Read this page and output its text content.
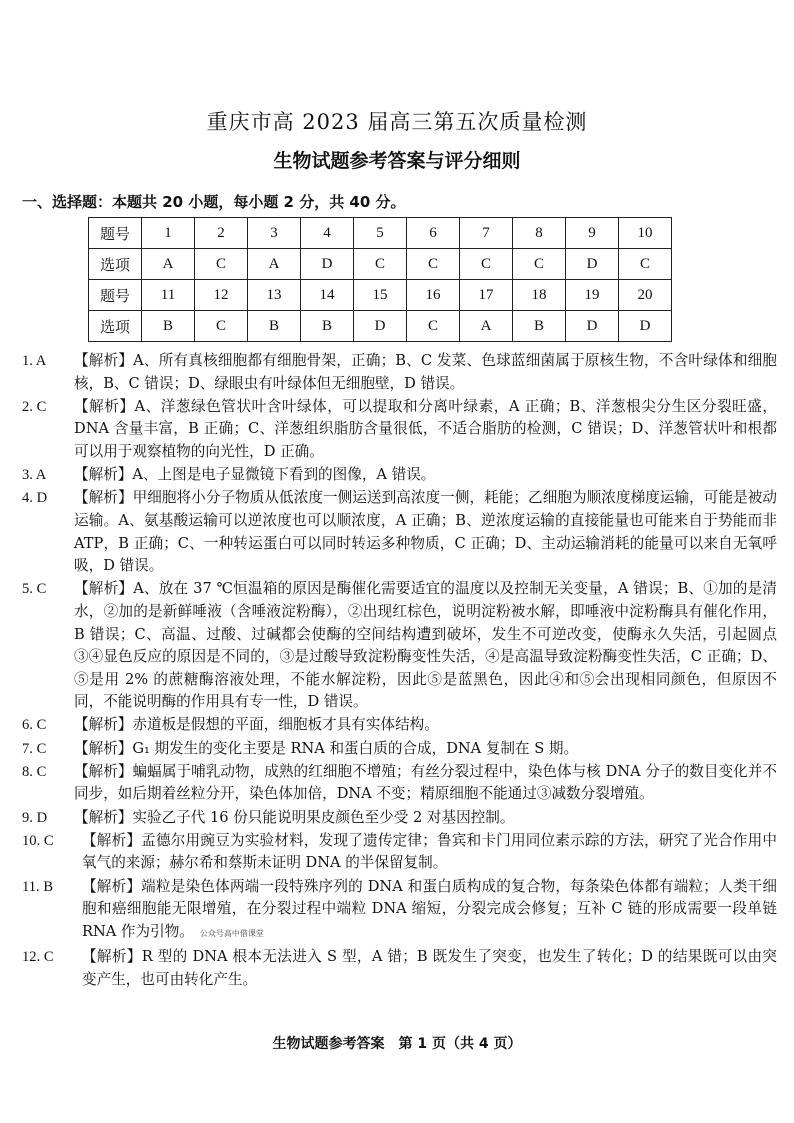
重庆市高 2023 届高三第五次质量检测
生物试题参考答案与评分细则
一、选择题：本题共 20 小题，每小题 2 分，共 40 分。
题号	1	2	3	4	5	6	7	8	9	10
选项	A	C	A	D	C	C	C	C	D	C
题号	11	12	13	14	15	16	17	18	19	20
选项	B	C	B	B	D	C	A	B	D	D
1. A	【解析】A、所有真核细胞都有细胞骨架，正确；B、C 发菜、色球蓝细菌属于原核生物，不含叶绿体和细胞核，B、C 错误；D、绿眼虫有叶绿体但无细胞壁，D 错误。
2. C	【解析】A、洋葱绿色管状叶含叶绿体，可以提取和分离叶绿素，A 正确；B、洋葱根尖分生区分裂旺盛，DNA 含量丰富，B 正确；C、洋葱组织脂肪含量很低，不适合脂肪的检测，C 错误；D、洋葱管状叶和根都可以用于观察植物的向光性，D 正确。
3. A	【解析】A、上图是电子显微镜下看到的图像，A 错误。
4. D	【解析】甲细胞将小分子物质从低浓度一侧运送到高浓度一侧，耗能；乙细胞为顺浓度梯度运输，可能是被动运输。A、氨基酸运输可以逆浓度也可以顺浓度，A 正确；B、逆浓度运输的直接能量也可能来自于势能而非 ATP，B 正确；C、一种转运蛋白可以同时转运多种物质，C 正确；D、主动运输消耗的能量可以来自无氧呼吸，D 错误。
5. C	【解析】A、放在 37 ℃恒温箱的原因是酶催化需要适宜的温度以及控制无关变量，A 错误；B、①加的是清水，②加的是新鲜唾液（含唾液淀粉酶），②出现红棕色，说明淀粉被水解，即唾液中淀粉酶具有催化作用，B 错误；C、高温、过酸、过碱都会使酶的空间结构遭到破坏，发生不可逆改变，使酶永久失活，引起圆点③④显色反应的原因是不同的，③是过酸导致淀粉酶变性失活，④是高温导致淀粉酶变性失活，C 正确；D、⑤是用 2% 的蔗糖酶溶液处理，不能水解淀粉，因此⑤是蓝黑色，因此④和⑤会出现相同颜色，但原因不同，不能说明酶的作用具有专一性，D 错误。
6. C	【解析】赤道板是假想的平面，细胞板才具有实体结构。
7. C	【解析】G₁ 期发生的变化主要是 RNA 和蛋白质的合成，DNA 复制在 S 期。
8. C	【解析】蝙蝠属于哺乳动物，成熟的红细胞不增殖；有丝分裂过程中，染色体与核 DNA 分子的数目变化并不同步，如后期着丝粒分开，染色体加倍，DNA 不变；精原细胞不能通过③减数分裂增殖。
9. D	【解析】实验乙子代 16 份只能说明果皮颜色至少受 2 对基因控制。
10. C	【解析】孟德尔用豌豆为实验材料，发现了遗传定律；鲁宾和卡门用同位素示踪的方法，研究了光合作用中氧气的来源；赫尔希和蔡斯未证明 DNA 的半保留复制。
11. B	【解析】端粒是染色体两端一段特殊序列的 DNA 和蛋白质构成的复合物，每条染色体都有端粒；人类干细胞和癌细胞能无限增殖，在分裂过程中端粒 DNA 缩短，分裂完成会修复；互补 C 链的形成需要一段单链 RNA 作为引物。 公众号高中借课堂
12. C	【解析】R 型的 DNA 根本无法进入 S 型，A 错；B 既发生了突变，也发生了转化；D 的结果既可以由突变产生，也可由转化产生。
生物试题参考答案　第 1 页（共 4 页）
